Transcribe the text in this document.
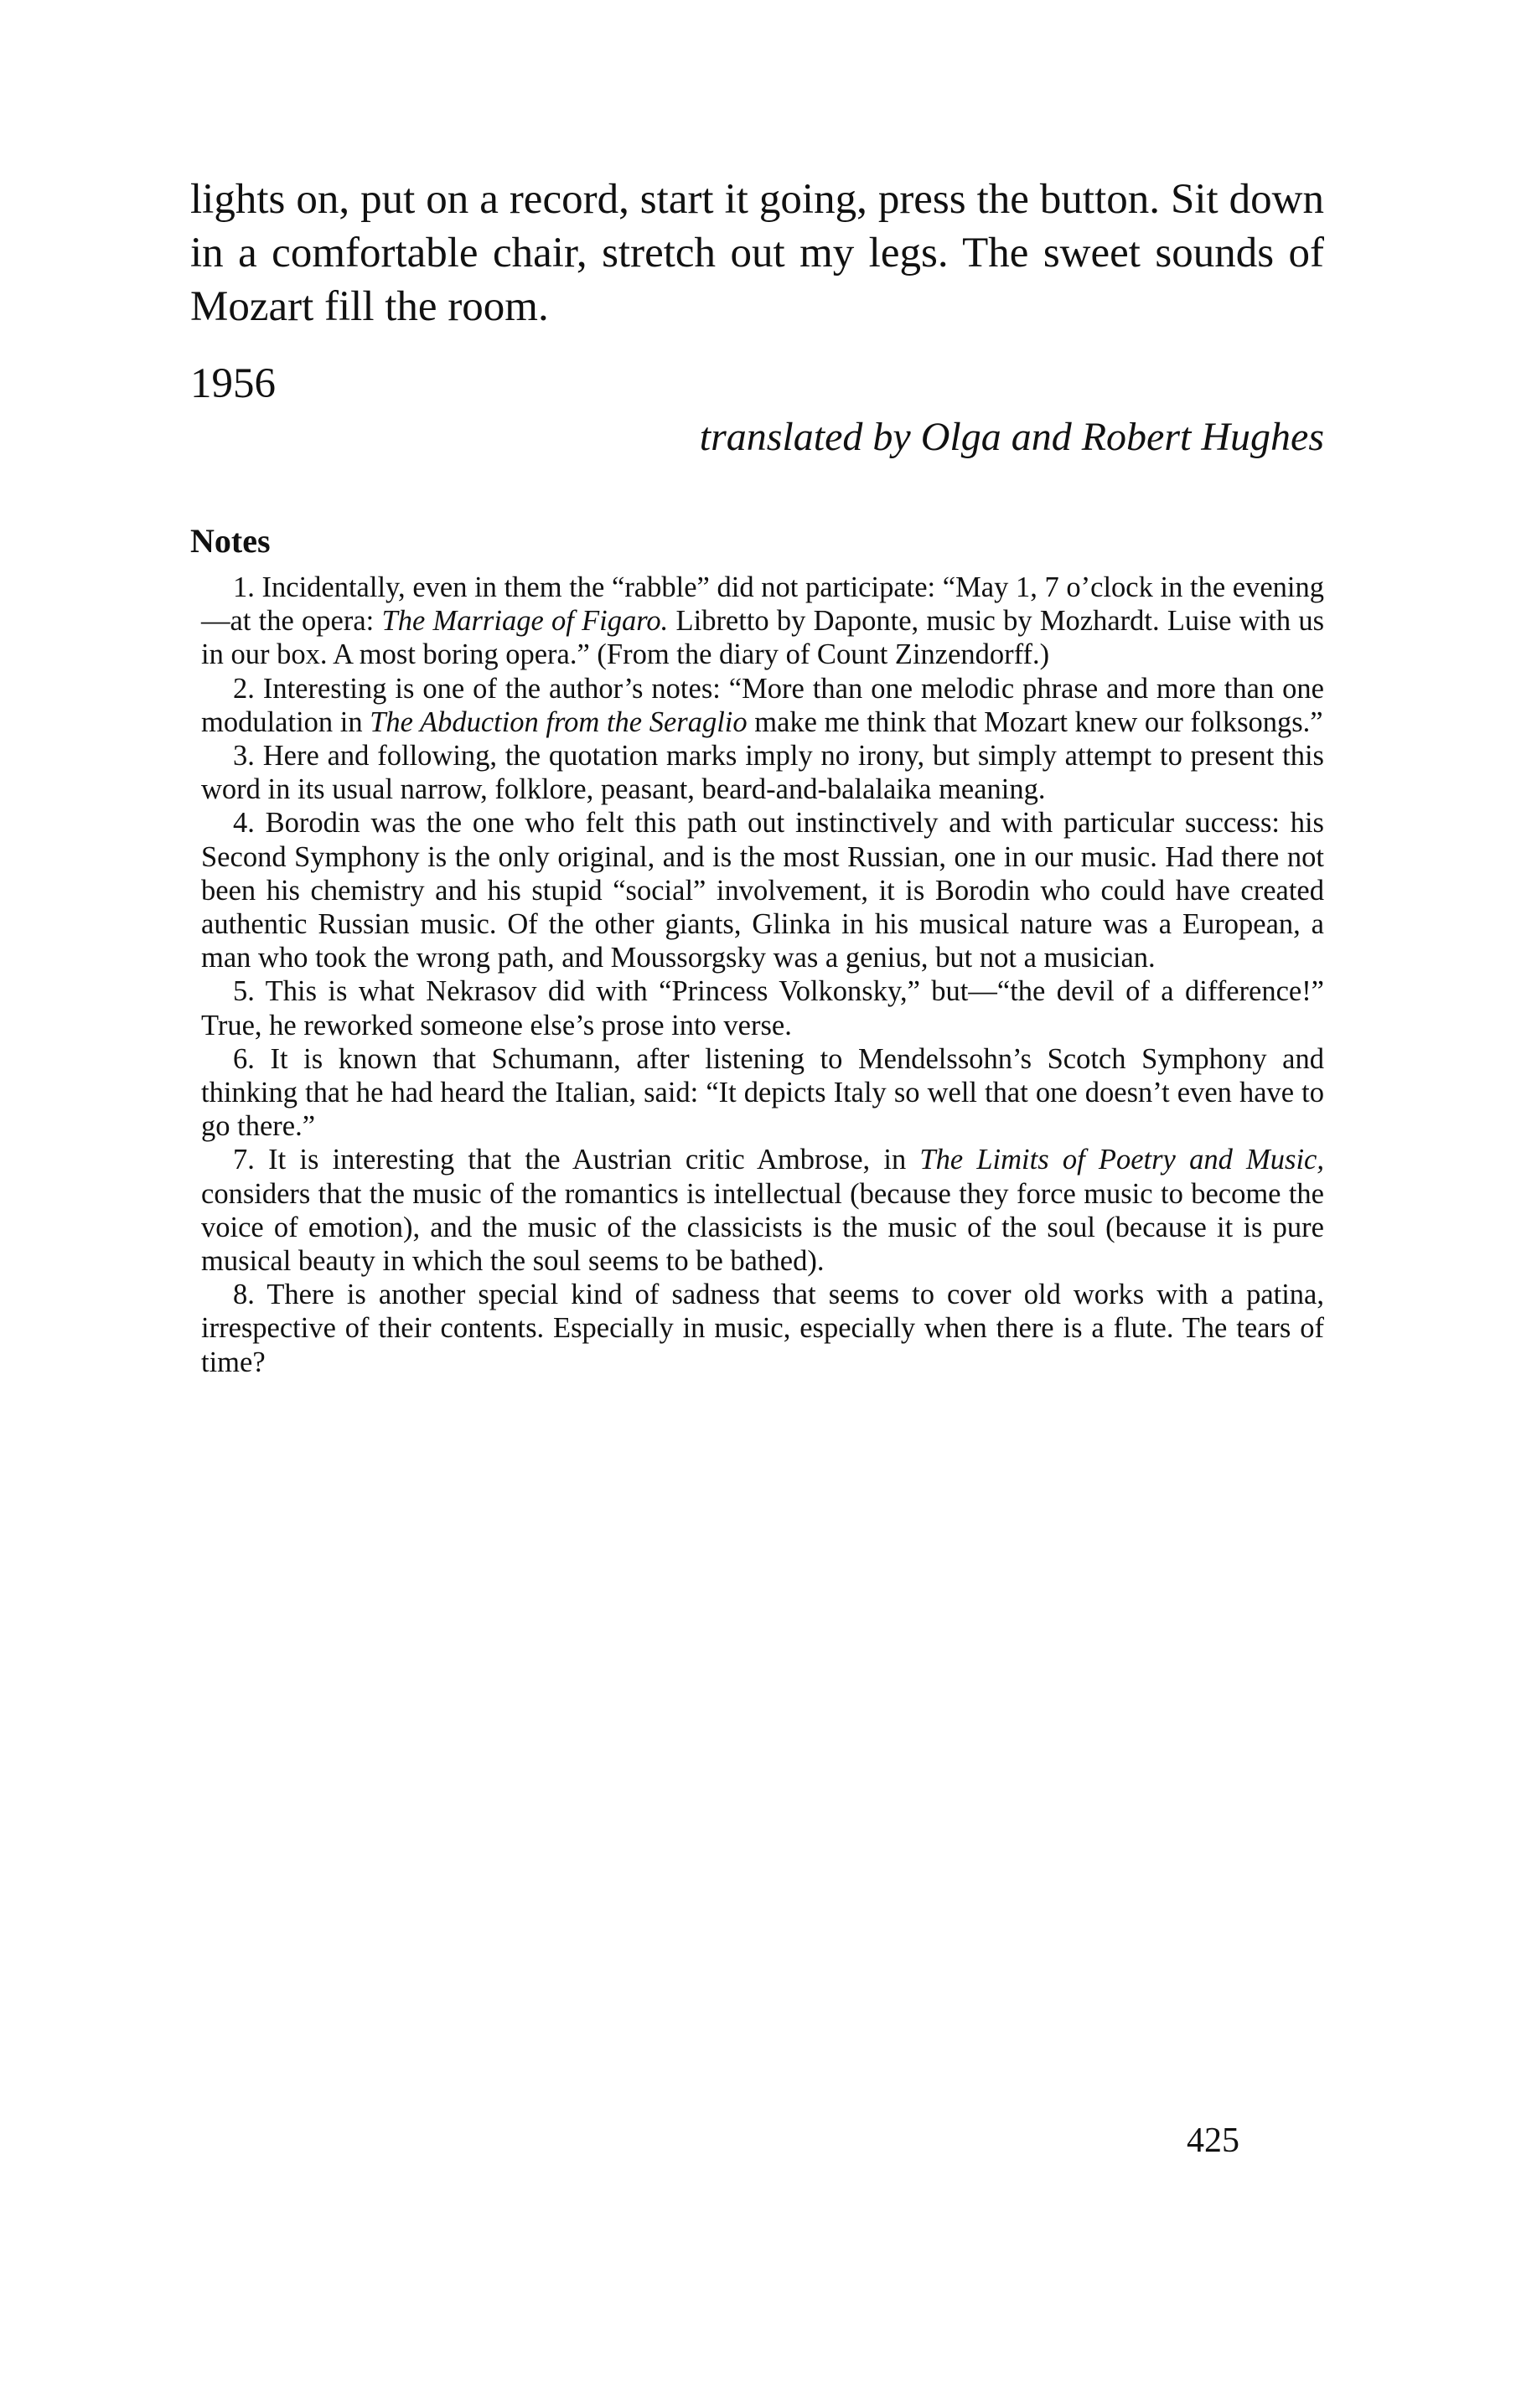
lights on, put on a record, start it going, press the button. Sit down in a comfortable chair, stretch out my legs. The sweet sounds of Mozart fill the room.

1956

translated by Olga and Robert Hughes

Notes
1. Incidentally, even in them the “rabble” did not participate: “May 1, 7 o’clock in the evening—at the opera: The Marriage of Figaro. Libretto by Daponte, music by Mozhardt. Luise with us in our box. A most boring opera.” (From the diary of Count Zinzendorff.)
2. Interesting is one of the author’s notes: “More than one melodic phrase and more than one modulation in The Abduction from the Seraglio make me think that Mozart knew our folksongs.”
3. Here and following, the quotation marks imply no irony, but simply attempt to present this word in its usual narrow, folklore, peasant, beard-and-balalaika meaning.
4. Borodin was the one who felt this path out instinctively and with particular success: his Second Symphony is the only original, and is the most Russian, one in our music. Had there not been his chemistry and his stupid “social” involvement, it is Borodin who could have created authentic Russian music. Of the other giants, Glinka in his musical nature was a European, a man who took the wrong path, and Moussorgsky was a genius, but not a musician.
5. This is what Nekrasov did with “Princess Volkonsky,” but—“the devil of a difference!” True, he reworked someone else’s prose into verse.
6. It is known that Schumann, after listening to Mendelssohn’s Scotch Symphony and thinking that he had heard the Italian, said: “It depicts Italy so well that one doesn’t even have to go there.”
7. It is interesting that the Austrian critic Ambrose, in The Limits of Poetry and Music, considers that the music of the romantics is intellectual (because they force music to become the voice of emotion), and the music of the classicists is the music of the soul (because it is pure musical beauty in which the soul seems to be bathed).
8. There is another special kind of sadness that seems to cover old works with a patina, irrespective of their contents. Especially in music, especially when there is a flute. The tears of time?

425
